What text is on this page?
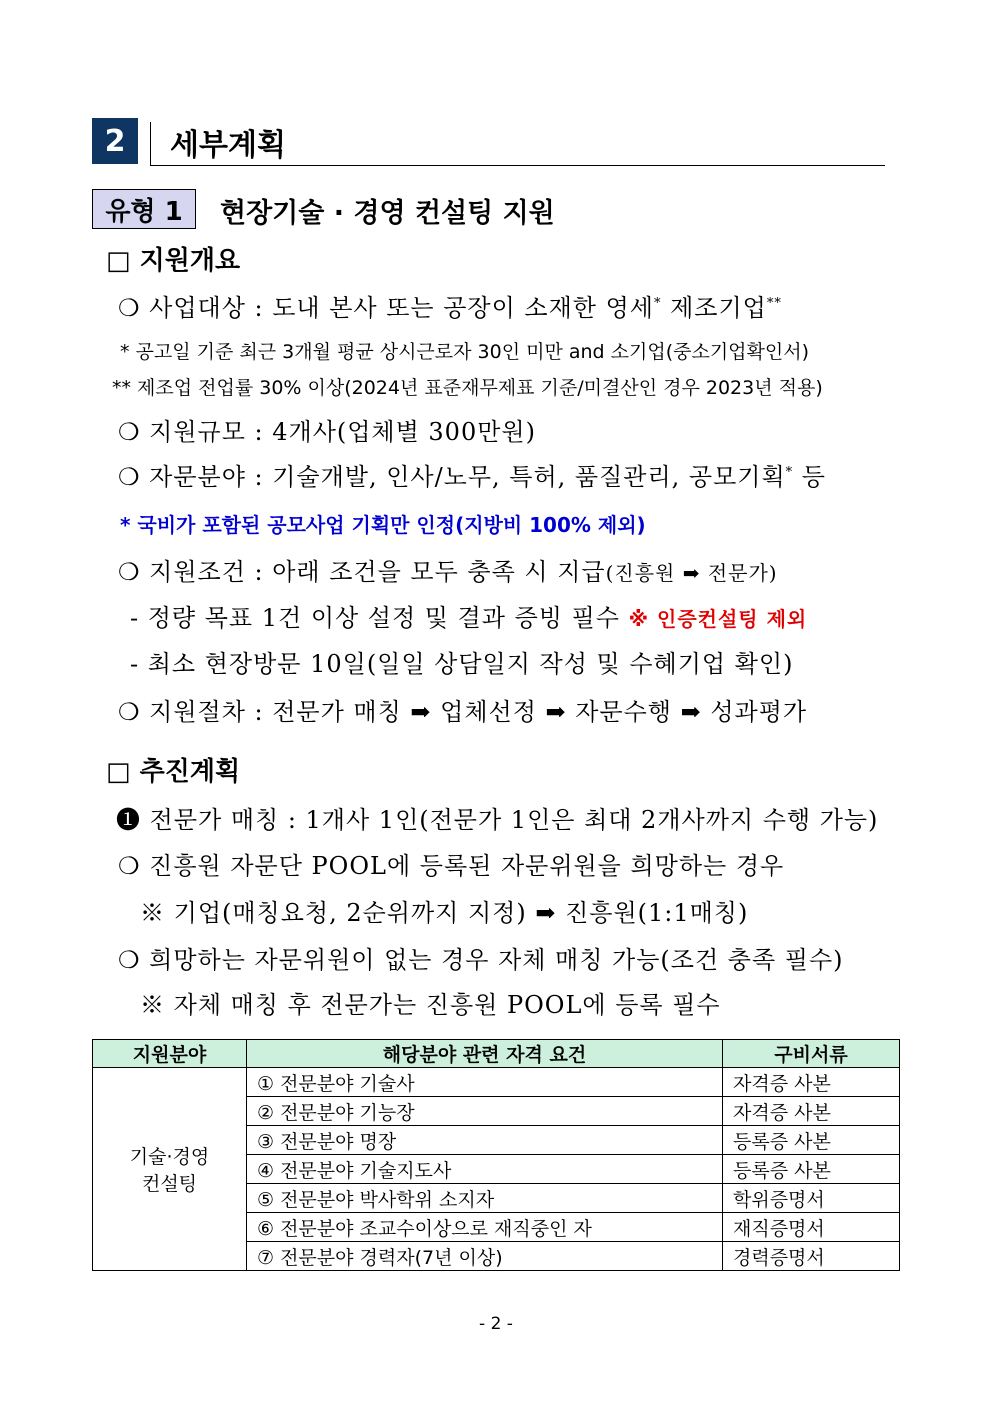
2	세부계획
유형 1	현장기술 · 경영 컨설팅 지원
□ 지원개요
❍ 사업대상 : 도내 본사 또는 공장이 소재한 영세* 제조기업**
* 공고일 기준 최근 3개월 평균 상시근로자 30인 미만 and 소기업(중소기업확인서)
** 제조업 전업률 30% 이상(2024년 표준재무제표 기준/미결산인 경우 2023년 적용)
❍ 지원규모 : 4개사(업체별 300만원)
❍ 자문분야 : 기술개발, 인사/노무, 특허, 품질관리, 공모기획* 등
* 국비가 포함된 공모사업 기획만 인정(지방비 100% 제외)
❍ 지원조건 : 아래 조건을 모두 충족 시 지급(진흥원 ➡ 전문가)
- 정량 목표 1건 이상 설정 및 결과 증빙 필수 ※ 인증컨설팅 제외
- 최소 현장방문 10일(일일 상담일지 작성 및 수혜기업 확인)
❍ 지원절차 : 전문가 매칭 ➡ 업체선정 ➡ 자문수행 ➡ 성과평가
□ 추진계획
❶ 전문가 매칭 : 1개사 1인(전문가 1인은 최대 2개사까지 수행 가능)
❍ 진흥원 자문단 POOL에 등록된 자문위원을 희망하는 경우
※ 기업(매칭요청, 2순위까지 지정) ➡ 진흥원(1:1매칭)
❍ 희망하는 자문위원이 없는 경우 자체 매칭 가능(조건 충족 필수)
※ 자체 매칭 후 전문가는 진흥원 POOL에 등록 필수
지원분야	해당분야 관련 자격 요건	구비서류
기술·경영
컨설팅	① 전문분야 기술사	자격증 사본
	② 전문분야 기능장	자격증 사본
	③ 전문분야 명장	등록증 사본
	④ 전문분야 기술지도사	등록증 사본
	⑤ 전문분야 박사학위 소지자	학위증명서
	⑥ 전문분야 조교수이상으로 재직중인 자	재직증명서
	⑦ 전문분야 경력자(7년 이상)	경력증명서
- 2 -
